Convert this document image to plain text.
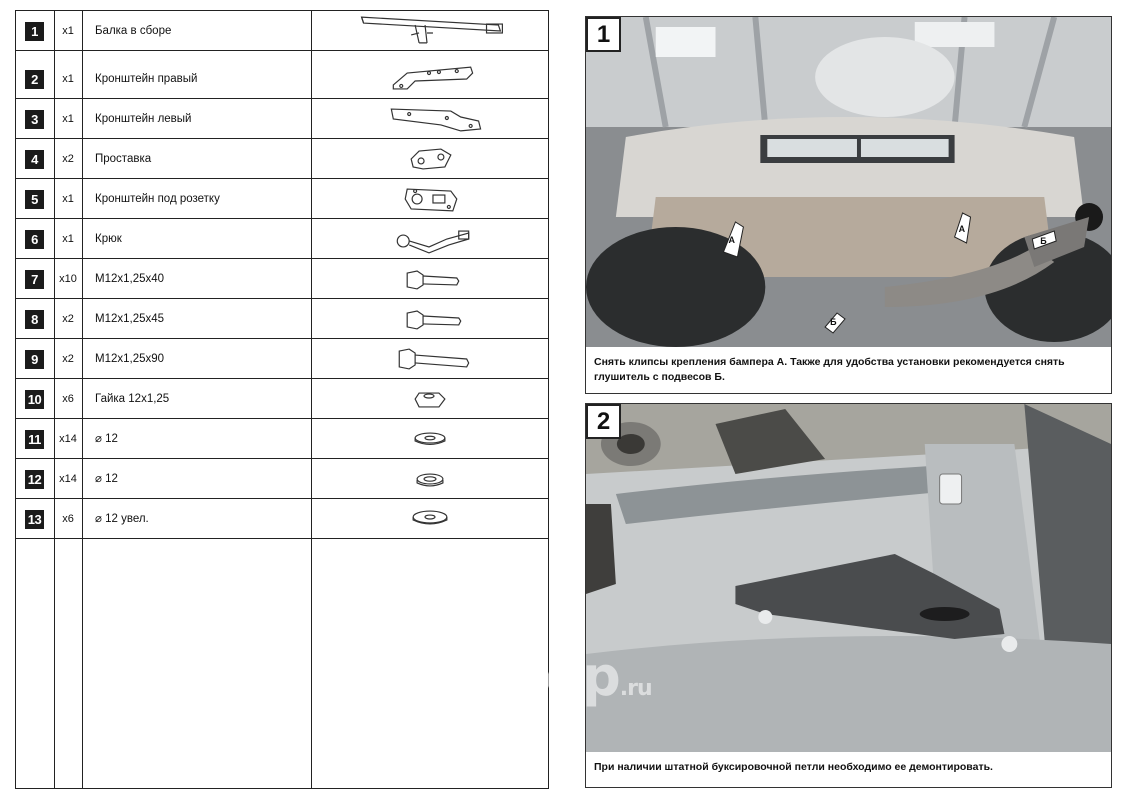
1	x1	Балка в сборе
2	x1	Кронштейн правый
3	x1	Кронштейн левый
4	x2	Проставка
5	x1	Кронштейн под розетку
6	x1	Крюк
7	x10	M12x1,25x40
8	x2	M12x1,25x45
9	x2	M12x1,25x90
10	x6	Гайка 12x1,25
11	x14	⌀ 12
12	x14	⌀ 12
13	x6	⌀ 12 увел.
А
А
Б
Б
1
Снять клипсы крепления бампера А. Также для удобства установки рекомендуется снять глушитель с подвесов Б.
2
При наличии штатной буксировочной петли необходимо ее демонтировать.
abcp.ru
